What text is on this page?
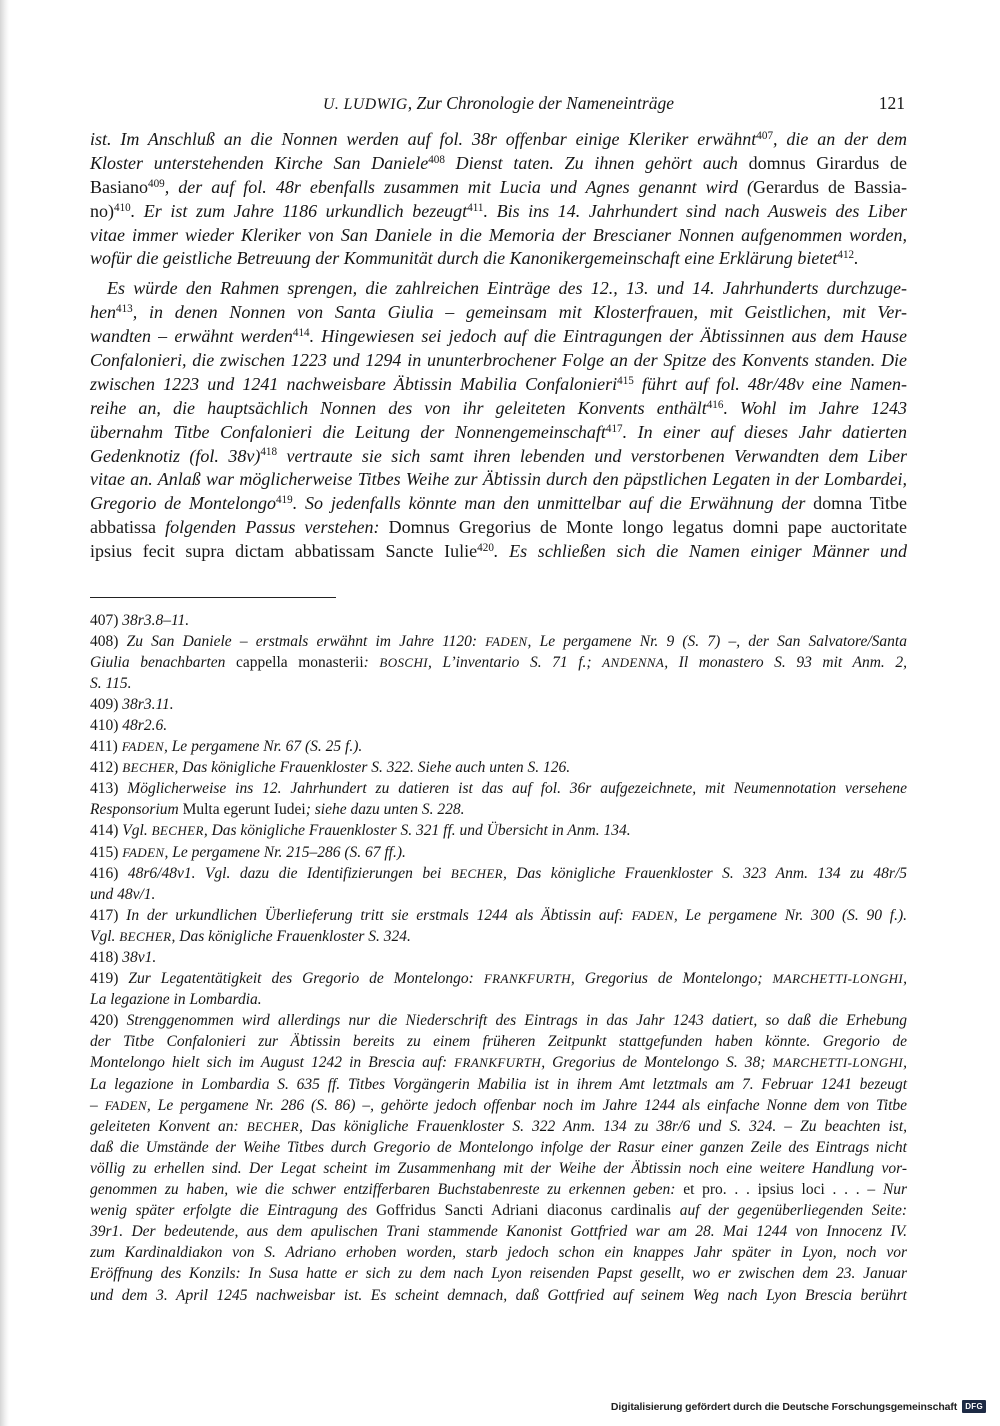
U. LUDWIG, Zur Chronologie der Nameneinträge	121
ist. Im Anschluß an die Nonnen werden auf fol. 38r offenbar einige Kleriker erwähnt$^{407}$, die an der dem
Kloster unterstehenden Kirche San Daniele$^{408}$ Dienst taten. Zu ihnen gehört auch domnus Girardus de
Basiano$^{409}$, der auf fol. 48r ebenfalls zusammen mit Lucia und Agnes genannt wird (Gerardus de Bassia-
no)$^{410}$. Er ist zum Jahre 1186 urkundlich bezeugt$^{411}$. Bis ins 14. Jahrhundert sind nach Ausweis des Liber
vitae immer wieder Kleriker von San Daniele in die Memoria der Brescianer Nonnen aufgenommen worden,
wofür die geistliche Betreuung der Kommunität durch die Kanonikergemeinschaft eine Erklärung bietet$^{412}$.
Es würde den Rahmen sprengen, die zahlreichen Einträge des 12., 13. und 14. Jahrhunderts durchzuge-
hen$^{413}$, in denen Nonnen von Santa Giulia – gemeinsam mit Klosterfrauen, mit Geistlichen, mit Ver-
wandten – erwähnt werden$^{414}$. Hingewiesen sei jedoch auf die Eintragungen der Äbtissinnen aus dem Hause
Confalonieri, die zwischen 1223 und 1294 in ununterbrochener Folge an der Spitze des Konvents standen. Die
zwischen 1223 und 1241 nachweisbare Äbtissin Mabilia Confalonieri$^{415}$ führt auf fol. 48r/48v eine Namen-
reihe an, die hauptsächlich Nonnen des von ihr geleiteten Konvents enthält$^{416}$. Wohl im Jahre 1243
übernahm Titbe Confalonieri die Leitung der Nonnengemeinschaft$^{417}$. In einer auf dieses Jahr datierten
Gedenknotiz (fol. 38v)$^{418}$ vertraute sie sich samt ihren lebenden und verstorbenen Verwandten dem Liber
vitae an. Anlaß war möglicherweise Titbes Weihe zur Äbtissin durch den päpstlichen Legaten in der Lombardei,
Gregorio de Montelongo$^{419}$. So jedenfalls könnte man den unmittelbar auf die Erwähnung der domna Titbe
abbatissa folgenden Passus verstehen: Domnus Gregorius de Monte longo legatus domni pape auctoritate
ipsius fecit supra dictam abbatissam Sancte Iulie$^{420}$. Es schließen sich die Namen einiger Männer und
407) 38r3.8–11.
408) Zu San Daniele – erstmals erwähnt im Jahre 1120: FADEN, Le pergamene Nr. 9 (S. 7) –, der San Salvatore/Santa
Giulia benachbarten cappella monasterii: BOSCHI, L’inventario S. 71 f.; ANDENNA, Il monastero S. 93 mit Anm. 2,
S. 115.
409) 38r3.11.
410) 48r2.6.
411) FADEN, Le pergamene Nr. 67 (S. 25 f.).
412) BECHER, Das königliche Frauenkloster S. 322. Siehe auch unten S. 126.
413) Möglicherweise ins 12. Jahrhundert zu datieren ist das auf fol. 36r aufgezeichnete, mit Neumennotation versehene
Responsorium Multa egerunt Iudei; siehe dazu unten S. 228.
414) Vgl. BECHER, Das königliche Frauenkloster S. 321 ff. und Übersicht in Anm. 134.
415) FADEN, Le pergamene Nr. 215–286 (S. 67 ff.).
416) 48r6/48v1. Vgl. dazu die Identifizierungen bei BECHER, Das königliche Frauenkloster S. 323 Anm. 134 zu 48r/5
und 48v/1.
417) In der urkundlichen Überlieferung tritt sie erstmals 1244 als Äbtissin auf: FADEN, Le pergamene Nr. 300 (S. 90 f.).
Vgl. BECHER, Das königliche Frauenkloster S. 324.
418) 38v1.
419) Zur Legatentätigkeit des Gregorio de Montelongo: FRANKFURTH, Gregorius de Montelongo; MARCHETTI-LONGHI,
La legazione in Lombardia.
420) Strenggenommen wird allerdings nur die Niederschrift des Eintrags in das Jahr 1243 datiert, so daß die Erhebung
der Titbe Confalonieri zur Äbtissin bereits zu einem früheren Zeitpunkt stattgefunden haben könnte. Gregorio de
Montelongo hielt sich im August 1242 in Brescia auf: FRANKFURTH, Gregorius de Montelongo S. 38; MARCHETTI-LONGHI,
La legazione in Lombardia S. 635 ff. Titbes Vorgängerin Mabilia ist in ihrem Amt letztmals am 7. Februar 1241 bezeugt
– FADEN, Le pergamene Nr. 286 (S. 86) –, gehörte jedoch offenbar noch im Jahre 1244 als einfache Nonne dem von Titbe
geleiteten Konvent an: BECHER, Das königliche Frauenkloster S. 322 Anm. 134 zu 38r/6 und S. 324. – Zu beachten ist,
daß die Umstände der Weihe Titbes durch Gregorio de Montelongo infolge der Rasur einer ganzen Zeile des Eintrags nicht
völlig zu erhellen sind. Der Legat scheint im Zusammenhang mit der Weihe der Äbtissin noch eine weitere Handlung vor-
genommen zu haben, wie die schwer entzifferbaren Buchstabenreste zu erkennen geben: et pro. . . ipsius loci . . . – Nur
wenig später erfolgte die Eintragung des Goffridus Sancti Adriani diaconus cardinalis auf der gegenüberliegenden Seite:
39r1. Der bedeutende, aus dem apulischen Trani stammende Kanonist Gottfried war am 28. Mai 1244 von Innocenz IV.
zum Kardinaldiakon von S. Adriano erhoben worden, starb jedoch schon ein knappes Jahr später in Lyon, noch vor
Eröffnung des Konzils: In Susa hatte er sich zu dem nach Lyon reisenden Papst gesellt, wo er zwischen dem 23. Januar
und dem 3. April 1245 nachweisbar ist. Es scheint demnach, daß Gottfried auf seinem Weg nach Lyon Brescia berührt
Digitalisierung gefördert durch die Deutsche Forschungsgemeinschaft	DFG
